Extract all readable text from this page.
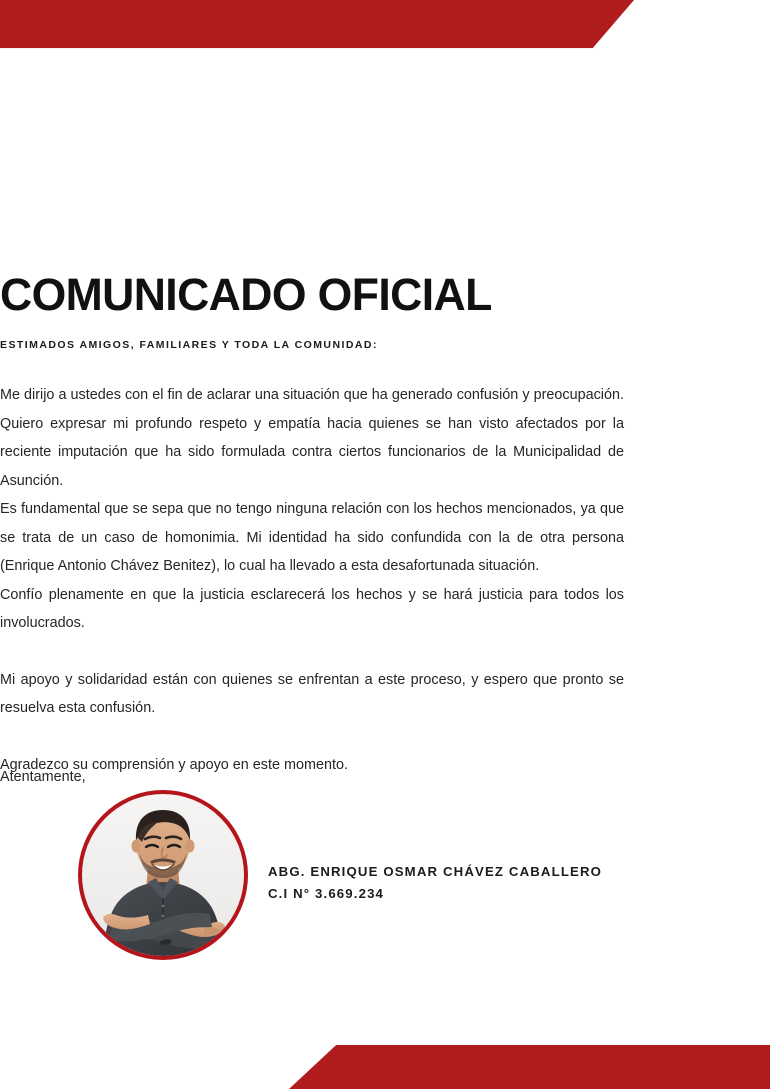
COMUNICADO OFICIAL

ESTIMADOS AMIGOS, FAMILIARES Y TODA LA COMUNIDAD:

Me dirijo a ustedes con el fin de aclarar una situación que ha generado confusión y preocupación. Quiero expresar mi profundo respeto y empatía hacia quienes se han visto afectados por la reciente imputación que ha sido formulada contra ciertos funcionarios de la Municipalidad de Asunción.

Es fundamental que se sepa que no tengo ninguna relación con los hechos mencionados, ya que se trata de un caso de homonimia. Mi identidad ha sido confundida con la de otra persona (Enrique Antonio Chávez Benitez), lo cual ha llevado a esta desafortunada situación.

Confío plenamente en que la justicia esclarecerá los hechos y se hará justicia para todos los involucrados.

Mi apoyo y solidaridad están con quienes se enfrentan a este proceso, y espero que pronto se resuelva esta confusión.

Agradezco su comprensión y apoyo en este momento.

Atentamente,

ABG. ENRIQUE OSMAR CHÁVEZ CABALLERO

C.I N° 3.669.234
